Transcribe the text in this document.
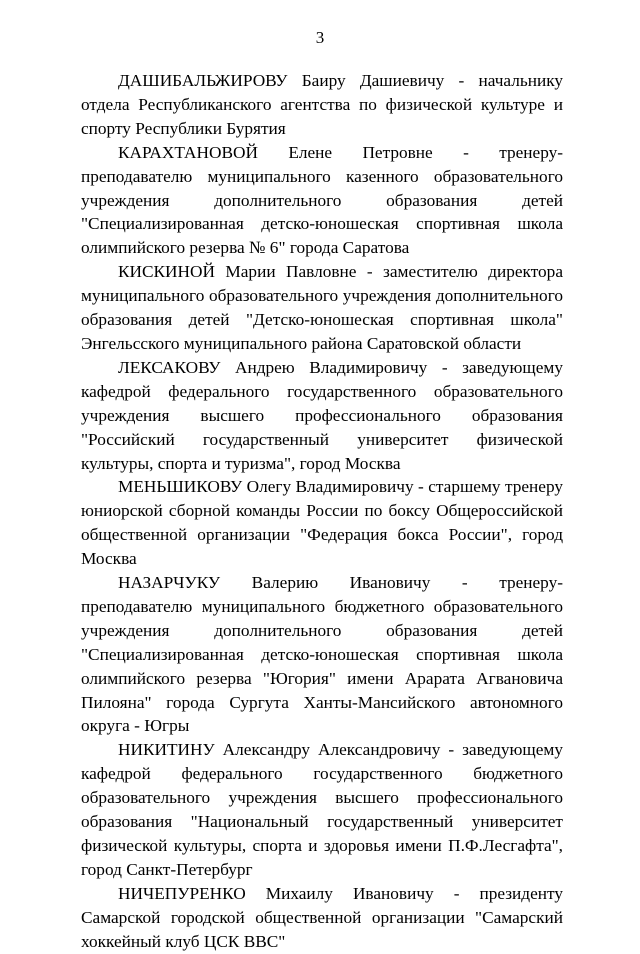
3

ДАШИБАЛЬЖИРОВУ Баиру Дашиевичу - начальнику отдела Республиканского агентства по физической культуре и спорту Республики Бурятия

КАРАХТАНОВОЙ Елене Петровне - тренеру-преподавателю муниципального казенного образовательного учреждения дополнительного образования детей "Специализированная детско-юношеская спортивная школа олимпийского резерва № 6" города Саратова

КИСКИНОЙ Марии Павловне - заместителю директора муниципального образовательного учреждения дополнительного образования детей "Детско-юношеская спортивная школа" Энгельсского муниципального района Саратовской области

ЛЕКСАКОВУ Андрею Владимировичу - заведующему кафедрой федерального государственного образовательного учреждения высшего профессионального образования "Российский государственный университет физической культуры, спорта и туризма", город Москва

МЕНЬШИКОВУ Олегу Владимировичу - старшему тренеру юниорской сборной команды России по боксу Общероссийской общественной организации "Федерация бокса России", город Москва

НАЗАРЧУКУ Валерию Ивановичу - тренеру-преподавателю муниципального бюджетного образовательного учреждения дополнительного образования детей "Специализированная детско-юношеская спортивная школа олимпийского резерва "Югория" имени Арарата Агвановича Пилояна" города Сургута Ханты-Мансийского автономного округа - Югры

НИКИТИНУ Александру Александровичу - заведующему кафедрой федерального государственного бюджетного образовательного учреждения высшего профессионального образования "Национальный государственный университет физической культуры, спорта и здоровья имени П.Ф.Лесгафта", город Санкт-Петербург

НИЧЕПУРЕНКО Михаилу Ивановичу - президенту Самарской городской общественной организации "Самарский хоккейный клуб ЦСК ВВС"
